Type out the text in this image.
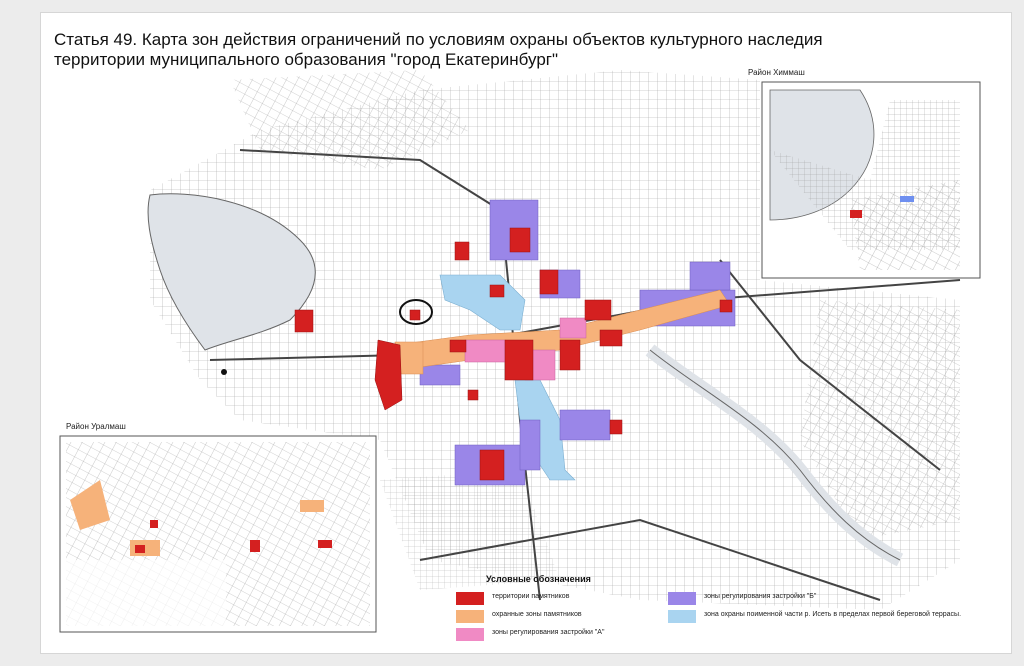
Статья 49. Карта зон действия ограничений по условиям охраны объектов культурного наследия
территории муниципального образования "город Екатеринбург"
Район Химмаш
Район Уралмаш
Условные обозначения
территории памятников
охранные зоны памятников
зоны регулирования застройки "А"
зоны регулирования застройки "Б"
зона охраны поименной части р. Исеть в пределах первой береговой террасы.
